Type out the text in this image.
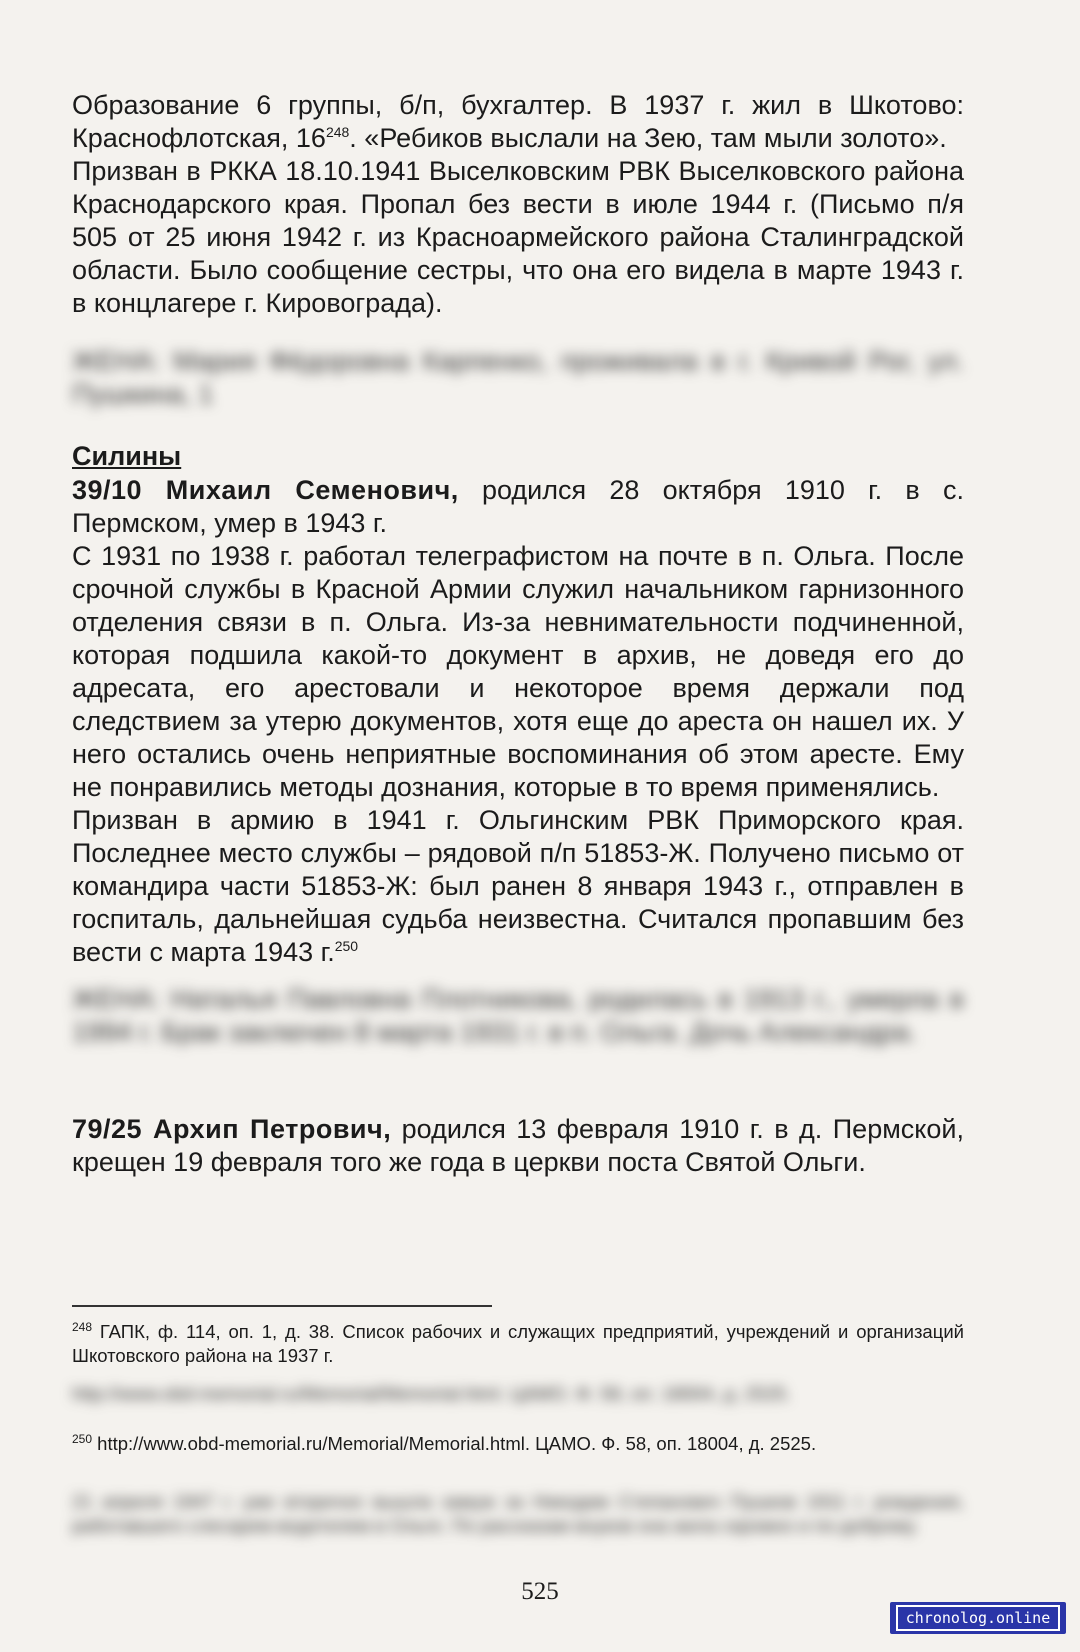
Образование 6 группы, б/п, бухгалтер. В 1937 г. жил в Шкотово: Краснофлотская, $16^{248}$. «Ребиков выслали на Зею, там мыли золото».

Призван в РККА 18.10.1941 Выселковским РВК Выселковского района Краснодарского края. Пропал без вести в июле 1944 г. (Письмо п/я 505 от 25 июня 1942 г. из Красноармейского района Сталинградской области. Было сообщение сестры, что она его видела в марте 1943 г. в концлагере г. Кировограда).

ЖЕНА: Мария Фёдоровна Карпенко, проживала в г. Кривой Рог, ул. Пушкина, 1
Силины

39/10 Михаил Семенович, родился 28 октября 1910 г. в с. Пермском, умер в 1943 г.

С 1931 по 1938 г. работал телеграфистом на почте в п. Ольга. После срочной службы в Красной Армии служил начальником гарнизонного отделения связи в п. Ольга. Из-за невнимательности подчиненной, которая подшила какой-то документ в архив, не доведя его до адресата, его арестовали и некоторое время держали под следствием за утерю документов, хотя еще до ареста он нашел их. У него остались очень неприятные воспоминания об этом аресте. Ему не понравились методы дознания, которые в то время применялись.

Призван в армию в 1941 г. Ольгинским РВК Приморского края. Последнее место службы – рядовой п/п 51853-Ж. Получено письмо от командира части 51853-Ж: был ранен 8 января 1943 г., отправлен в госпиталь, дальнейшая судьба неизвестна. Считался пропавшим без вести с марта 1943 г.$^{250}$

ЖЕНА: Наталья Павловна Плотникова, родилась в 1913 г., умерла в 1994 г. Брак заключен 8 марта 1931 г. в п. Ольга. Дочь Александра.

79/25 Архип Петрович, родился 13 февраля 1910 г. в д. Пермской, крещен 19 февраля того же года в церкви поста Святой Ольги.

$^{248}$ ГАПК, ф. 114, оп. 1, д. 38. Список рабочих и служащих предприятий, учреждений и организаций Шкотовского района на 1937 г.
http://www.obd-memorial.ru/Memorial/Memorial.html. ЦАМО. Ф. 58, оп. 18004, д. 2525.
$^{250}$ http://www.obd-memorial.ru/Memorial/Memorial.html. ЦАМО. Ф. 58, оп. 18004, д. 2525.
21 апреля 1947 г. уже вторично вышла замуж за Никодим Степанович Пушков 1911 г. рождения, работавшего слесарем-водителем в Ольге. По рассказам внуков она жила скромно и по-доброму.
525
chronolog.online
